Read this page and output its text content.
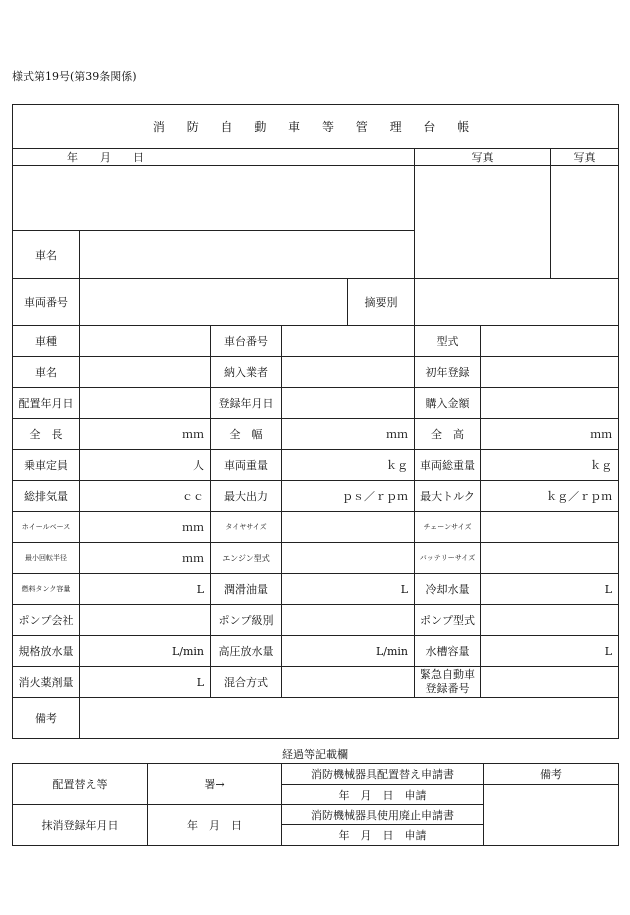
様式第19号(第39条関係)
消 防 自 動 車 等 管 理 台 帳							
年　　月　　日					写真		写真

車名							
車両番号				摘要別			
車種		車台番号			型式		
車名		納入業者			初年登録		
配置年月日		登録年月日			購入金額		
全　長	ｍｍ	全　幅	ｍｍ		全　高	ｍｍ	
乗車定員	人	車両重量	ｋｇ		車両総重量	ｋｇ	
総排気量	ｃｃ	最大出力	ｐｓ／ｒｐｍ		最大トルク	ｋｇ／ｒｐｍ	
ホイールベース	ｍｍ	タイヤサイズ			チェーンサイズ		
最小回転半径	ｍｍ	エンジン型式			バッテリーサイズ		
燃料タンク容量	L	潤滑油量	L		冷却水量	L	
ポンプ会社		ポンプ級別			ポンプ型式		
規格放水量	L/min	高圧放水量	L/min		水槽容量	L	
消火薬剤量	L	混合方式			緊急自動車
登録番号		

備考							
経過等記載欄
配置替え等	署→	消防機械器具配置替え申請書	備考
		年　月　日　申請	
抹消登録年月日	年　月　日	消防機械器具使用廃止申請書	
		年　月　日　申請	
